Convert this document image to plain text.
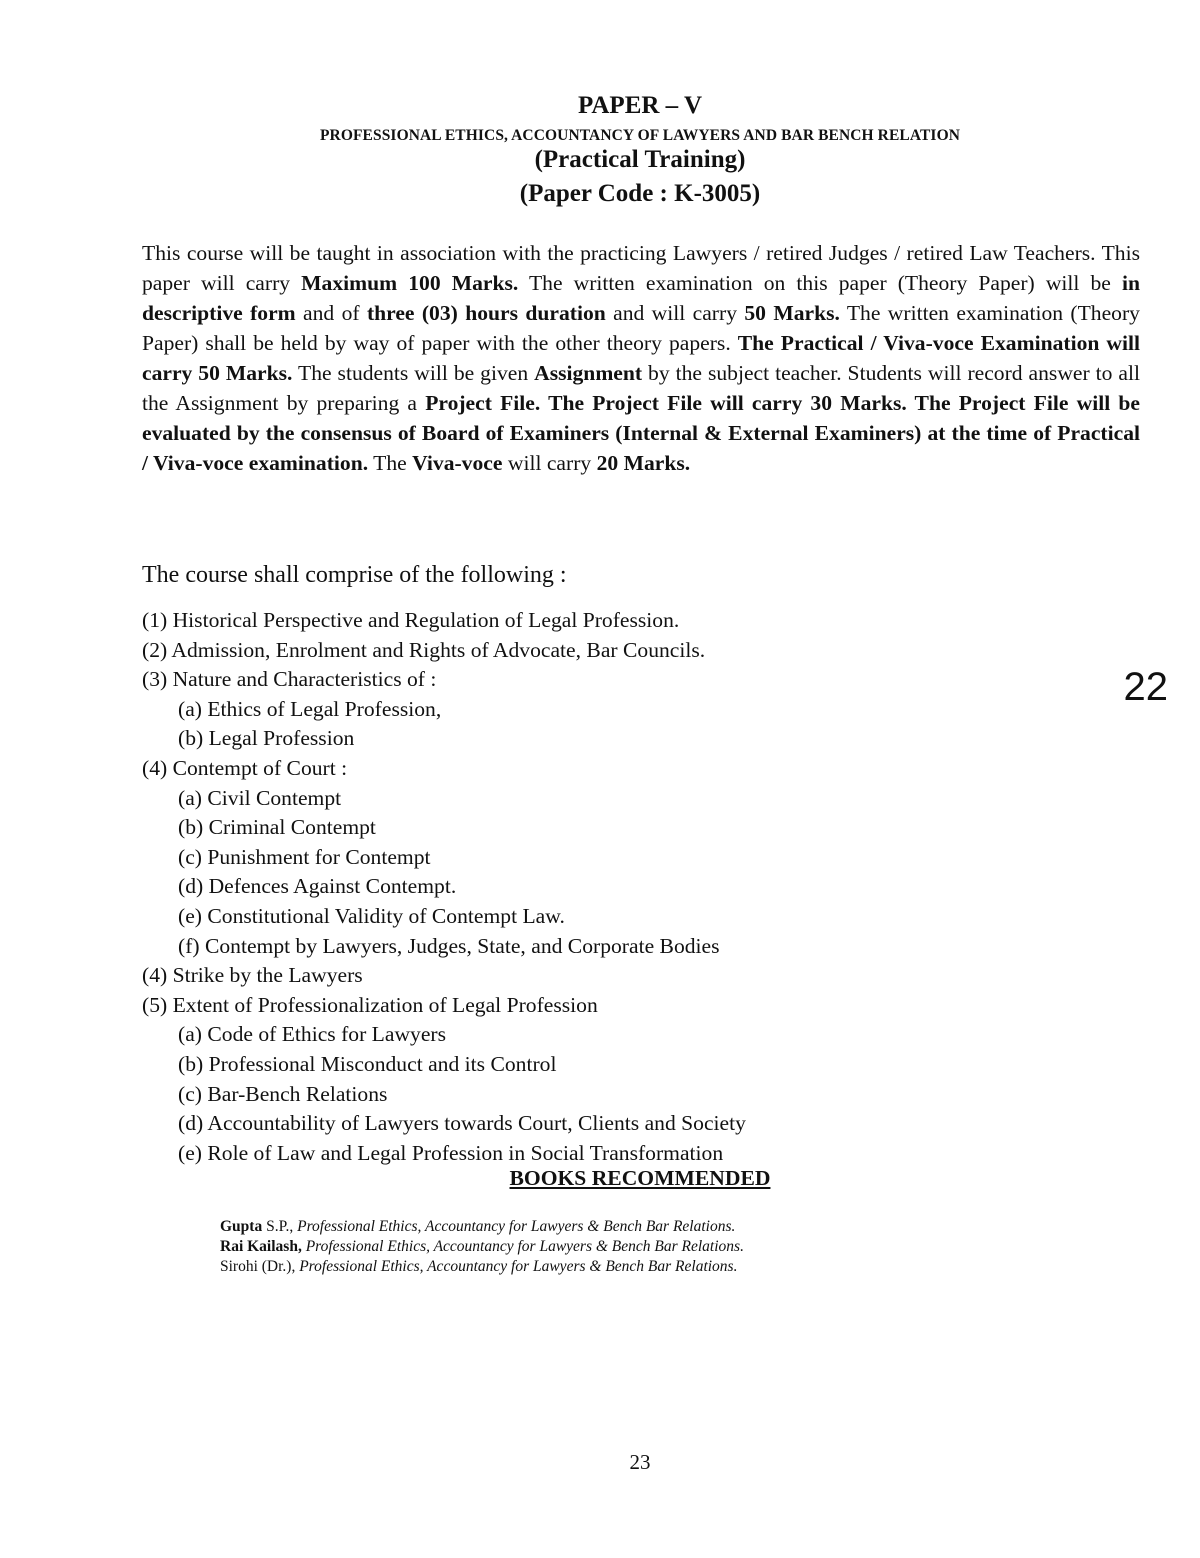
PAPER – V
PROFESSIONAL ETHICS, ACCOUNTANCY OF LAWYERS AND BAR BENCH RELATION
(Practical Training)
(Paper Code : K-3005)
This course will be taught in association with the practicing Lawyers / retired Judges / retired Law Teachers. This paper will carry Maximum 100 Marks. The written examination on this paper (Theory Paper) will be in descriptive form and of three (03) hours duration and will carry 50 Marks. The written examination (Theory Paper) shall be held by way of paper with the other theory papers. The Practical / Viva-voce Examination will carry 50 Marks. The students will be given Assignment by the subject teacher. Students will record answer to all the Assignment by preparing a Project File. The Project File will carry 30 Marks. The Project File will be evaluated by the consensus of Board of Examiners (Internal & External Examiners) at the time of Practical / Viva-voce examination. The Viva-voce will carry 20 Marks.
The course shall comprise of the following :
(1) Historical Perspective and Regulation of Legal Profession.
(2) Admission, Enrolment and Rights of Advocate, Bar Councils.
(3) Nature and Characteristics of :
(a) Ethics of Legal Profession,
(b) Legal Profession
(4) Contempt of Court :
(a) Civil Contempt
(b) Criminal Contempt
(c) Punishment for Contempt
(d) Defences Against Contempt.
(e) Constitutional Validity of Contempt Law.
(f) Contempt by Lawyers, Judges, State, and Corporate Bodies
(4) Strike by the Lawyers
(5) Extent of Professionalization of Legal Profession
(a) Code of Ethics for Lawyers
(b) Professional Misconduct and its Control
(c) Bar-Bench Relations
(d) Accountability of Lawyers towards Court, Clients and Society
(e) Role of Law and Legal Profession in Social Transformation
BOOKS RECOMMENDED
Gupta S.P., Professional Ethics, Accountancy for Lawyers & Bench Bar Relations.
Rai Kailash, Professional Ethics, Accountancy for Lawyers & Bench Bar Relations.
Sirohi (Dr.), Professional Ethics, Accountancy for Lawyers & Bench Bar Relations.
22
23
